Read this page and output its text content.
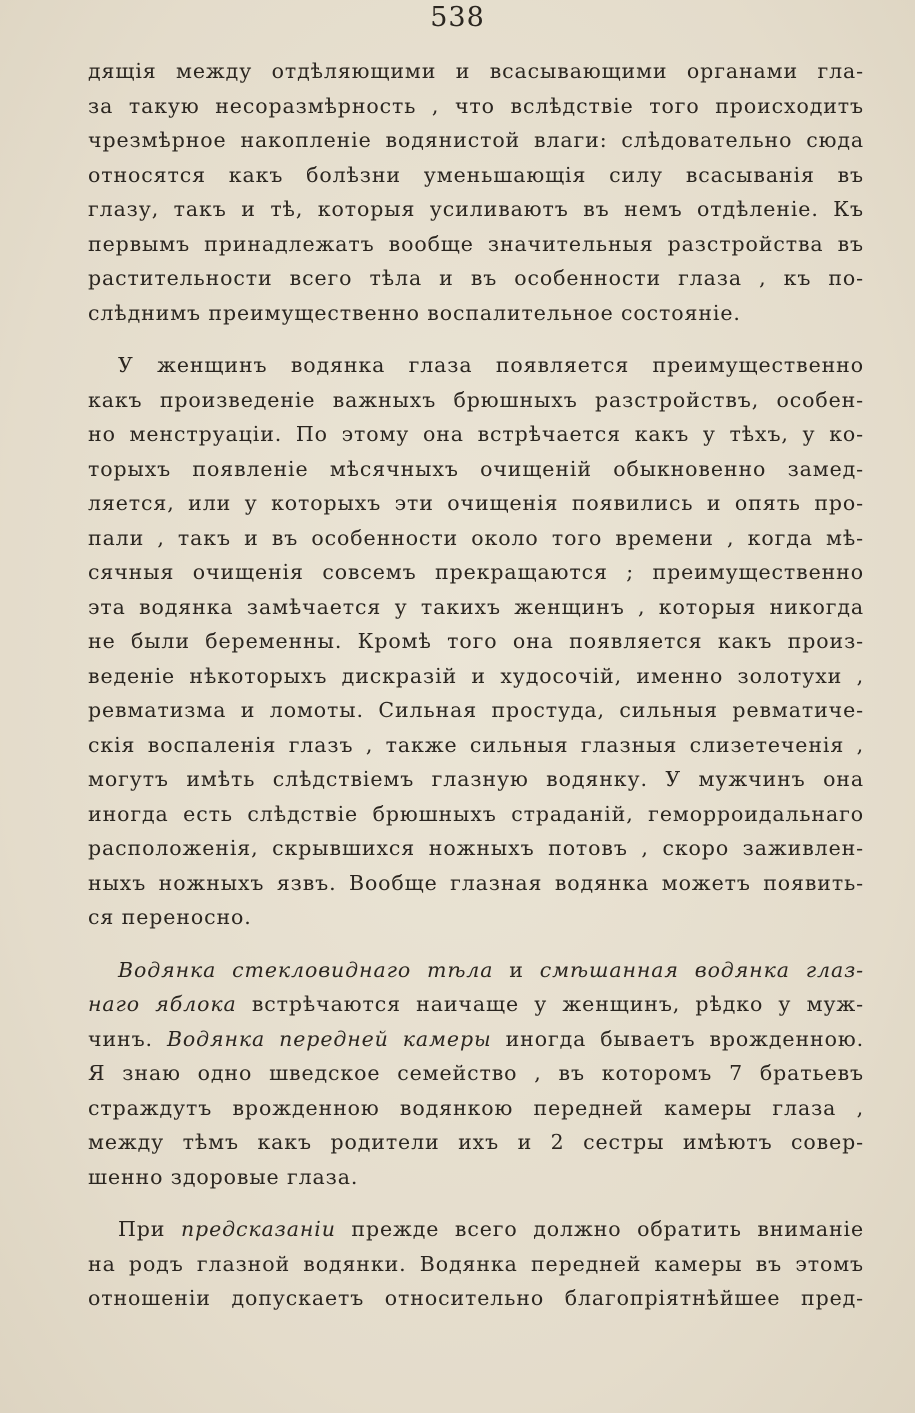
538
дящія между отдѣляющими и всасывающими органами гла-
за такую несоразмѣрность , что вслѣдствіе того происходитъ
чрезмѣрное накопленіе водянистой влаги: слѣдовательно сюда
относятся какъ болѣзни уменьшающія силу всасыванія въ
глазу, такъ и тѣ, которыя усиливаютъ въ немъ отдѣленіе. Къ
первымъ принадлежатъ вообще значительныя разстройства въ
растительности всего тѣла и въ особенности глаза , къ по-
слѣднимъ преимущественно воспалительное состояніе.
У женщинъ водянка глаза появляется преимущественно
какъ произведеніе важныхъ брюшныхъ разстройствъ, особен-
но менструаціи. По этому она встрѣчается какъ у тѣхъ, у ко-
торыхъ появленіе мѣсячныхъ очищеній обыкновенно замед-
ляется, или у которыхъ эти очищенія появились и опять про-
пали , такъ и въ особенности около того времени , когда мѣ-
сячныя очищенія совсемъ прекращаются ; преимущественно
эта водянка замѣчается у такихъ женщинъ , которыя никогда
не были беременны. Кромѣ того она появляется какъ произ-
веденіе нѣкоторыхъ дискразій и худосочій, именно золотухи ,
ревматизма и ломоты. Сильная простуда, сильныя ревматиче-
скія воспаленія глазъ , также сильныя глазныя слизетеченія ,
могутъ имѣть слѣдствіемъ глазную водянку. У мужчинъ она
иногда есть слѣдствіе брюшныхъ страданій, геморроидальнаго
расположенія, скрывшихся ножныхъ потовъ , скоро заживлен-
ныхъ ножныхъ язвъ. Вообще глазная водянка можетъ появить-
ся переносно.
Водянка стекловиднаго тѣла и смѣшанная водянка глаз-
наго яблока встрѣчаются наичаще у женщинъ, рѣдко у муж-
чинъ. Водянка передней камеры иногда бываетъ врожденною.
Я знаю одно шведское семейство , въ которомъ 7 братьевъ
страждутъ врожденною водянкою передней камеры глаза ,
между тѣмъ какъ родители ихъ и 2 сестры имѣютъ совер-
шенно здоровые глаза.
При предсказаніи прежде всего должно обратить вниманіе
на родъ глазной водянки. Водянка передней камеры въ этомъ
отношеніи допускаетъ относительно благопріятнѣйшее пред-
